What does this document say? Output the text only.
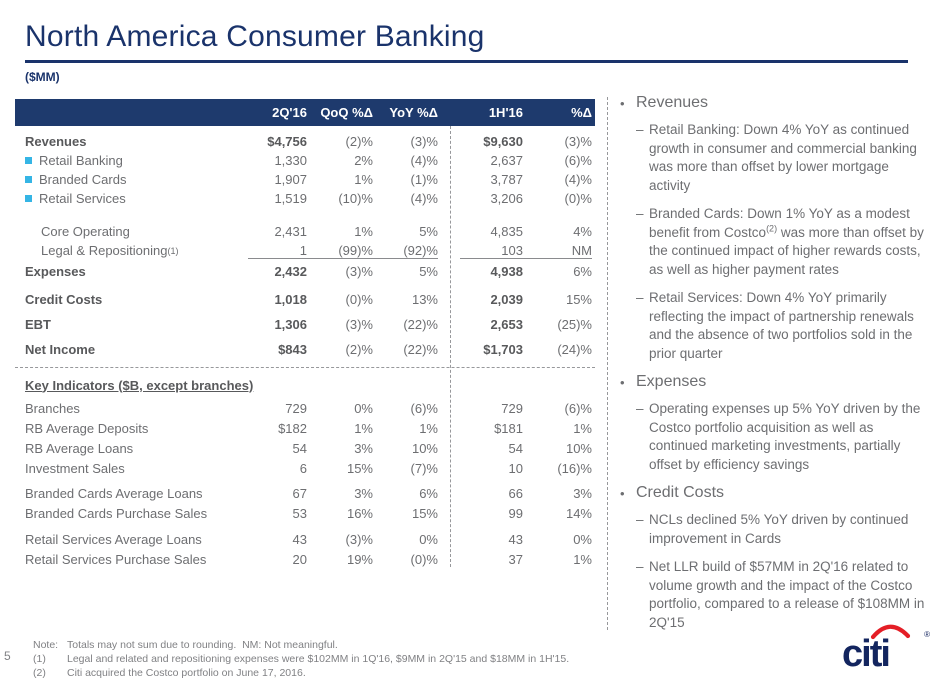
North America Consumer Banking
($MM)
2Q'16	QoQ %Δ	YoY %Δ	1H'16	%Δ
Revenues	$4,756	(2)%	(3)%	$9,630	(3)%
Retail Banking	1,330	2%	(4)%	2,637	(6)%
Branded Cards	1,907	1%	(1)%	3,787	(4)%
Retail Services	1,519	(10)%	(4)%	3,206	(0)%
Core Operating	2,431	1%	5%	4,835	4%
Legal & Repositioning (1)	1	(99)%	(92)%	103	NM
Expenses	2,432	(3)%	5%	4,938	6%
Credit Costs	1,018	(0)%	13%	2,039	15%
EBT	1,306	(3)%	(22)%	2,653	(25)%
Net Income	$843	(2)%	(22)%	$1,703	(24)%
Key Indicators ($B, except branches)
Branches	729	0%	(6)%	729	(6)%
RB Average Deposits	$182	1%	1%	$181	1%
RB Average Loans	54	3%	10%	54	10%
Investment Sales	6	15%	(7)%	10	(16)%
Branded Cards Average Loans	67	3%	6%	66	3%
Branded Cards Purchase Sales	53	16%	15%	99	14%
Retail Services Average Loans	43	(3)%	0%	43	0%
Retail Services Purchase Sales	20	19%	(0)%	37	1%
• Revenues
– Retail Banking: Down 4% YoY as continued growth in consumer and commercial banking was more than offset by lower mortgage activity
– Branded Cards: Down 1% YoY as a modest benefit from Costco$^{(2)}$ was more than offset by the continued impact of higher rewards costs, as well as higher payment rates
– Retail Services: Down 4% YoY primarily reflecting the impact of partnership renewals and the absence of two portfolios sold in the prior quarter
• Expenses
– Operating expenses up 5% YoY driven by the Costco portfolio acquisition as well as continued marketing investments, partially offset by efficiency savings
• Credit Costs
– NCLs declined 5% YoY driven by continued improvement in Cards
– Net LLR build of $57MM in 2Q'16 related to volume growth and the impact of the Costco portfolio, compared to a release of $108MM in 2Q'15
5
Note: Totals may not sum due to rounding.  NM: Not meaningful.
(1)	Legal and related and repositioning expenses were $102MM in 1Q'16, $9MM in 2Q'15 and $18MM in 1H'15.
(2)	Citi acquired the Costco portfolio on June 17, 2016.	citi	®
